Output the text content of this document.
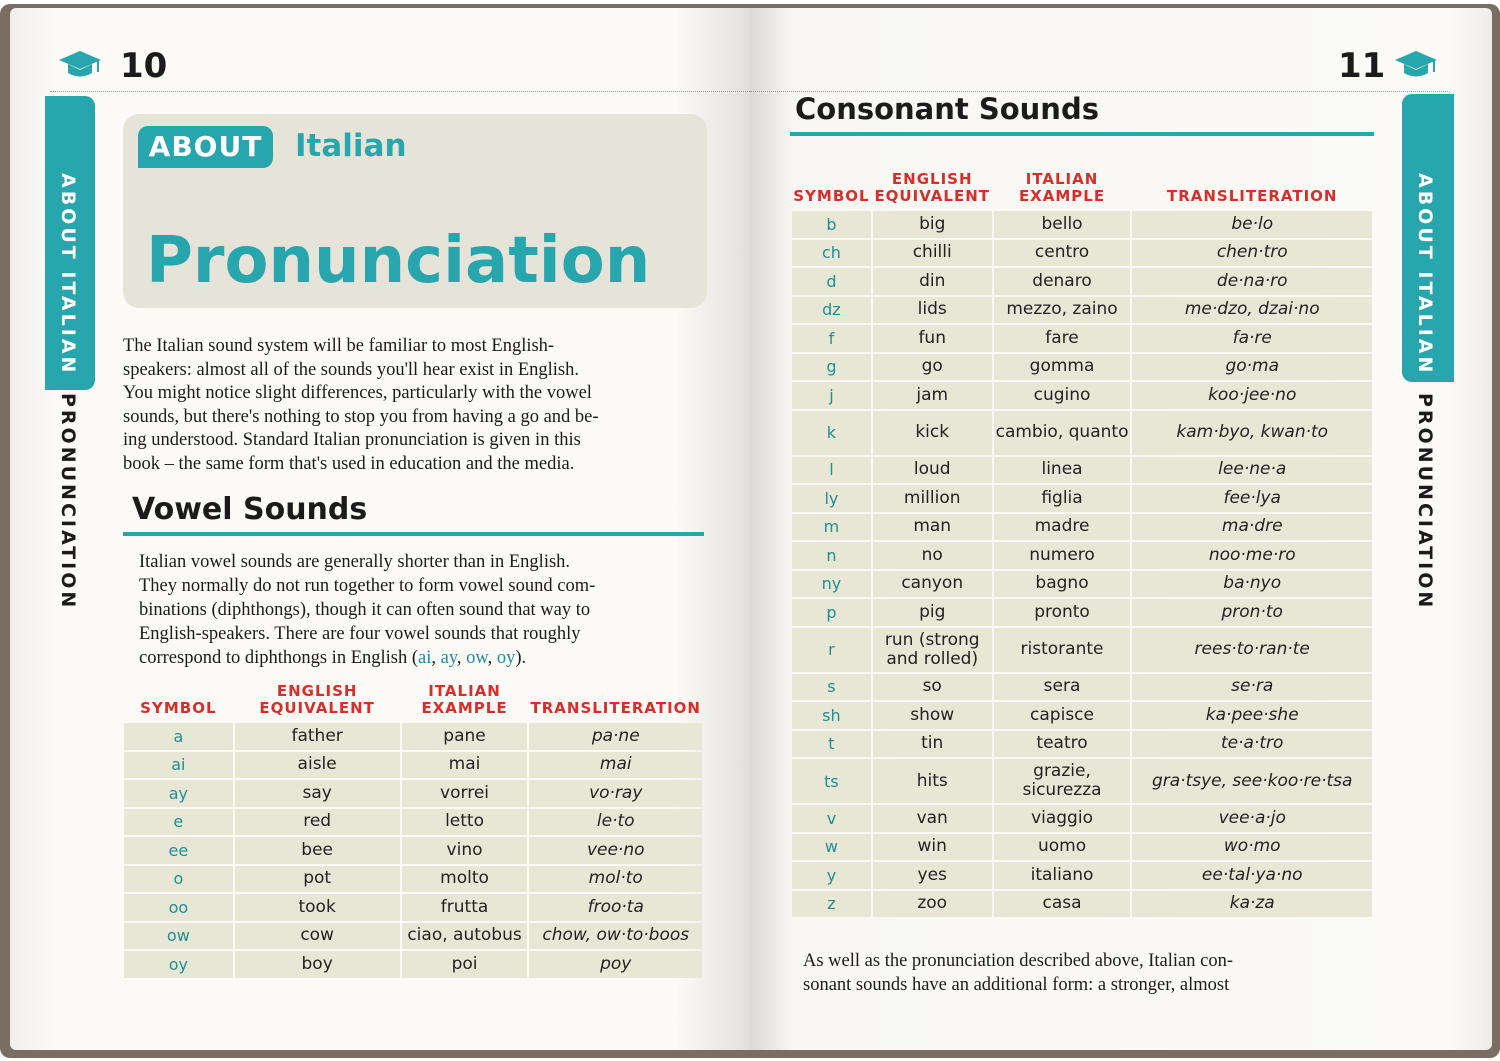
10
ABOUT ITALIAN
PRONUNCIATION
ABOUT	Italian
Pronunciation
The Italian sound system will be familiar to most English-
speakers: almost all of the sounds you'll hear exist in English.
You might notice slight differences, particularly with the vowel
sounds, but there's nothing to stop you from having a go and be-
ing understood. Standard Italian pronunciation is given in this
book – the same form that's used in education and the media.
Vowel Sounds
Italian vowel sounds are generally shorter than in English.
They normally do not run together to form vowel sound com-
binations (diphthongs), though it can often sound that way to
English-speakers. There are four vowel sounds that roughly
correspond to diphthongs in English (ai, ay, ow, oy).
SYMBOL	ENGLISH EQUIVALENT	ITALIAN EXAMPLE	TRANSLITERATION
a	father	pane	pa·ne
ai	aisle	mai	mai
ay	say	vorrei	vo·ray
e	red	letto	le·to
ee	bee	vino	vee·no
o	pot	molto	mol·to
oo	took	frutta	froo·ta
ow	cow	ciao, autobus	chow, ow·to·boos
oy	boy	poi	poy
11
ABOUT ITALIAN
PRONUNCIATION
Consonant Sounds
SYMBOL	ENGLISH EQUIVALENT	ITALIAN EXAMPLE	TRANSLITERATION
b	big	bello	be·lo
ch	chilli	centro	chen·tro
d	din	denaro	de·na·ro
dz	lids	mezzo, zaino	me·dzo, dzai·no
f	fun	fare	fa·re
g	go	gomma	go·ma
j	jam	cugino	koo·jee·no
k	kick	cambio, quanto	kam·byo, kwan·to
l	loud	linea	lee·ne·a
ly	million	figlia	fee·lya
m	man	madre	ma·dre
n	no	numero	noo·me·ro
ny	canyon	bagno	ba·nyo
p	pig	pronto	pron·to
r	run (strong and rolled)	ristorante	rees·to·ran·te
s	so	sera	se·ra
sh	show	capisce	ka·pee·she
t	tin	teatro	te·a·tro
ts	hits	grazie, sicurezza	gra·tsye, see·koo·re·tsa
v	van	viaggio	vee·a·jo
w	win	uomo	wo·mo
y	yes	italiano	ee·tal·ya·no
z	zoo	casa	ka·za
As well as the pronunciation described above, Italian con-
sonant sounds have an additional form: a stronger, almost
